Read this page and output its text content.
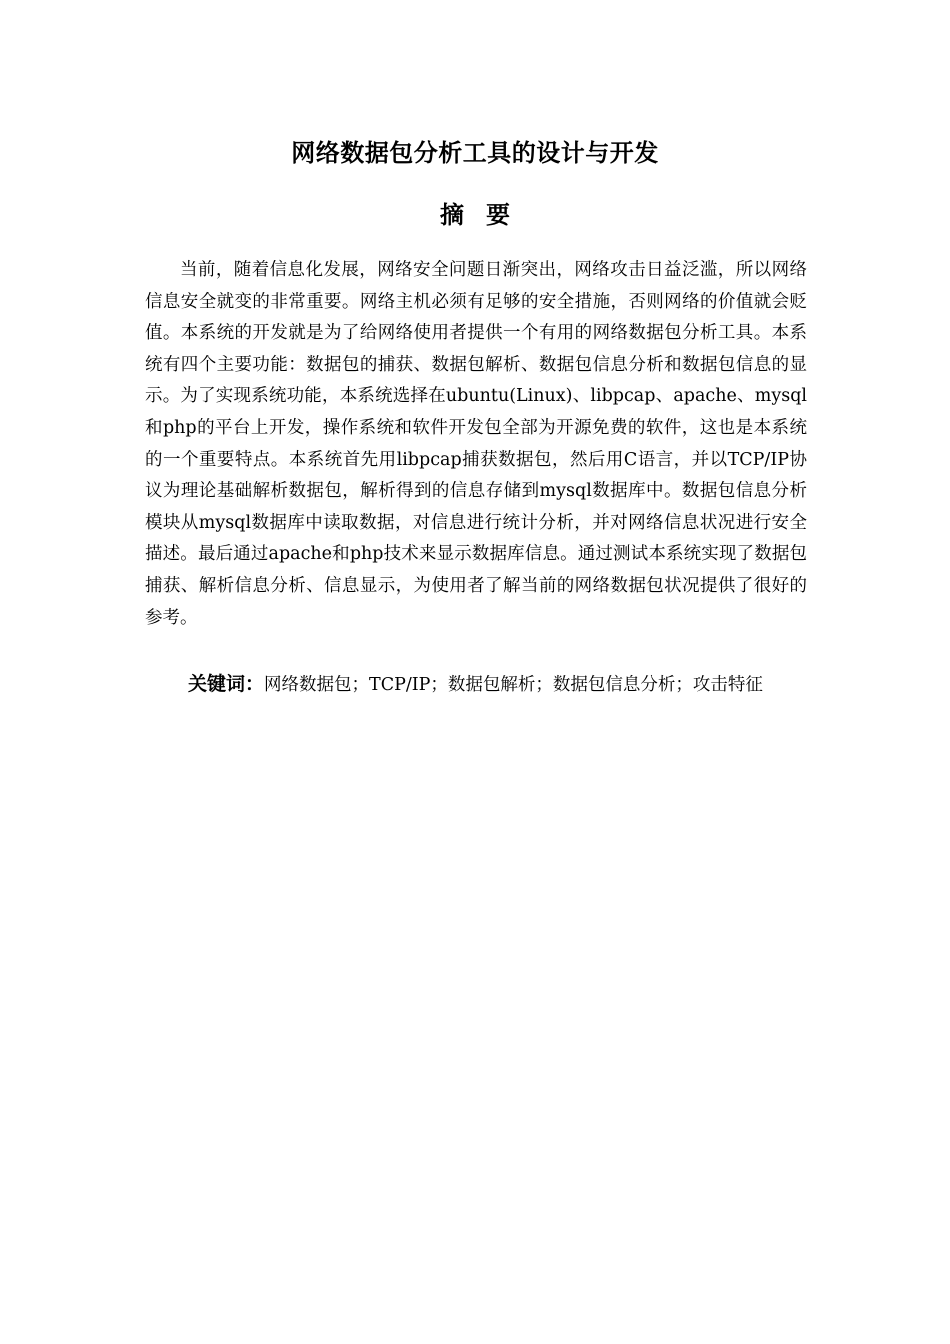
网络数据包分析工具的设计与开发
摘要
当前，随着信息化发展，网络安全问题日渐突出，网络攻击日益泛滥，所以网络信息安全就变的非常重要。网络主机必须有足够的安全措施，否则网络的价值就会贬值。本系统的开发就是为了给网络使用者提供一个有用的网络数据包分析工具。本系统有四个主要功能：数据包的捕获、数据包解析、数据包信息分析和数据包信息的显示。为了实现系统功能，本系统选择在ubuntu(Linux)、libpcap、apache、mysql和php的平台上开发，操作系统和软件开发包全部为开源免费的软件，这也是本系统的一个重要特点。本系统首先用libpcap捕获数据包，然后用C语言，并以TCP/IP协议为理论基础解析数据包，解析得到的信息存储到mysql数据库中。数据包信息分析模块从mysql数据库中读取数据，对信息进行统计分析，并对网络信息状况进行安全描述。最后通过apache和php技术来显示数据库信息。通过测试本系统实现了数据包捕获、解析信息分析、信息显示，为使用者了解当前的网络数据包状况提供了很好的参考。
关键词：网络数据包；TCP/IP；数据包解析；数据包信息分析；攻击特征
